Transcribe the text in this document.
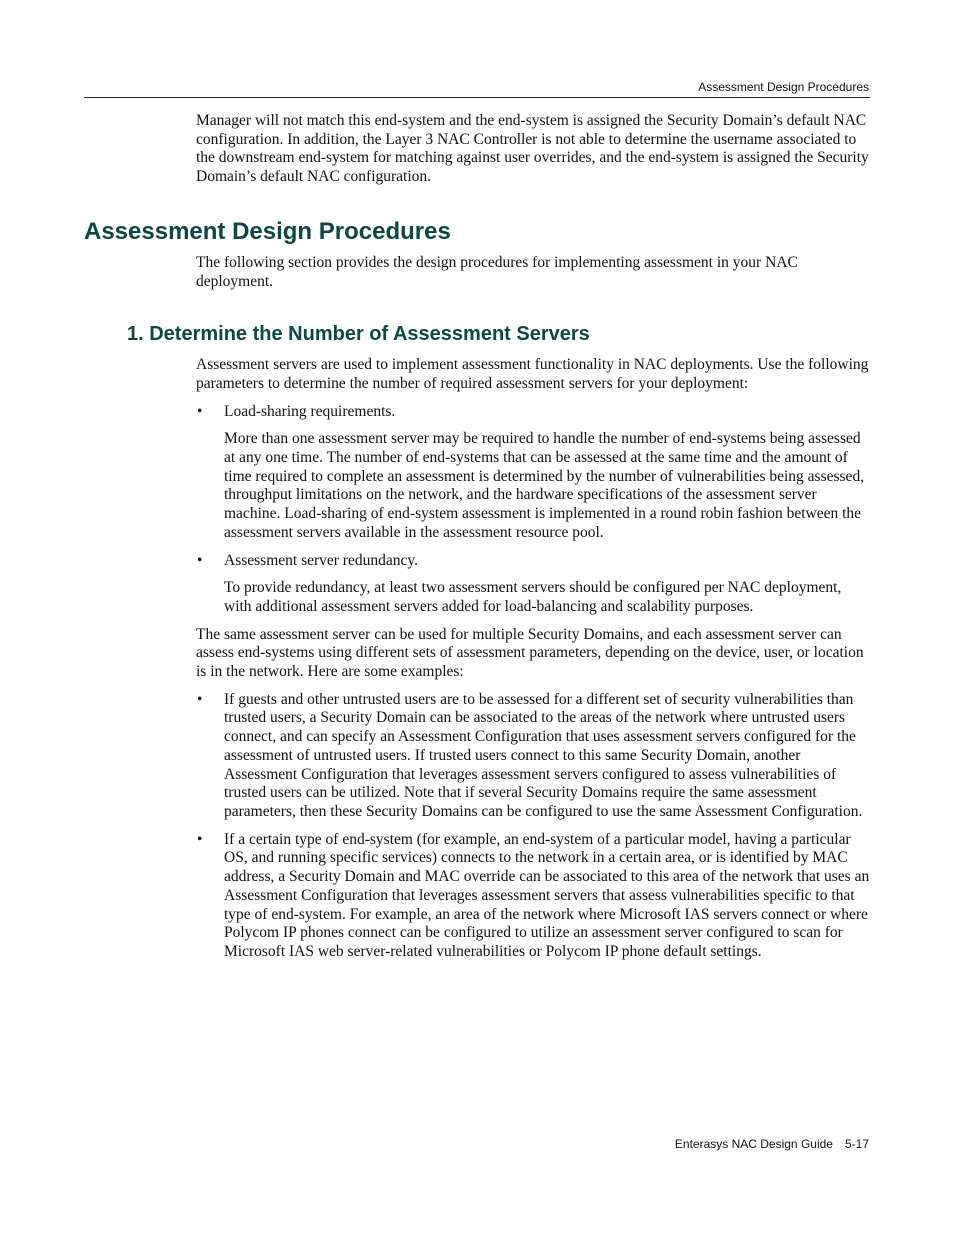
Assessment Design Procedures

Manager will not match this end-system and the end-system is assigned the Security Domain’s default NAC configuration. In addition, the Layer 3 NAC Controller is not able to determine the username associated to the downstream end-system for matching against user overrides, and the end-system is assigned the Security Domain’s default NAC configuration.

Assessment Design Procedures

The following section provides the design procedures for implementing assessment in your NAC deployment.

1. Determine the Number of Assessment Servers

Assessment servers are used to implement assessment functionality in NAC deployments. Use the following parameters to determine the number of required assessment servers for your deployment:

• Load-sharing requirements.

More than one assessment server may be required to handle the number of end-systems being assessed at any one time. The number of end-systems that can be assessed at the same time and the amount of time required to complete an assessment is determined by the number of vulnerabilities being assessed, throughput limitations on the network, and the hardware specifications of the assessment server machine. Load-sharing of end-system assessment is implemented in a round robin fashion between the assessment servers available in the assessment resource pool.

• Assessment server redundancy.

To provide redundancy, at least two assessment servers should be configured per NAC deployment, with additional assessment servers added for load-balancing and scalability purposes.

The same assessment server can be used for multiple Security Domains, and each assessment server can assess end-systems using different sets of assessment parameters, depending on the device, user, or location is in the network. Here are some examples:

• If guests and other untrusted users are to be assessed for a different set of security vulnerabilities than trusted users, a Security Domain can be associated to the areas of the network where untrusted users connect, and can specify an Assessment Configuration that uses assessment servers configured for the assessment of untrusted users. If trusted users connect to this same Security Domain, another Assessment Configuration that leverages assessment servers configured to assess vulnerabilities of trusted users can be utilized. Note that if several Security Domains require the same assessment parameters, then these Security Domains can be configured to use the same Assessment Configuration.

• If a certain type of end-system (for example, an end-system of a particular model, having a particular OS, and running specific services) connects to the network in a certain area, or is identified by MAC address, a Security Domain and MAC override can be associated to this area of the network that uses an Assessment Configuration that leverages assessment servers that assess vulnerabilities specific to that type of end-system. For example, an area of the network where Microsoft IAS servers connect or where Polycom IP phones connect can be configured to utilize an assessment server configured to scan for Microsoft IAS web server-related vulnerabilities or Polycom IP phone default settings.

Enterasys NAC Design Guide 5-17
